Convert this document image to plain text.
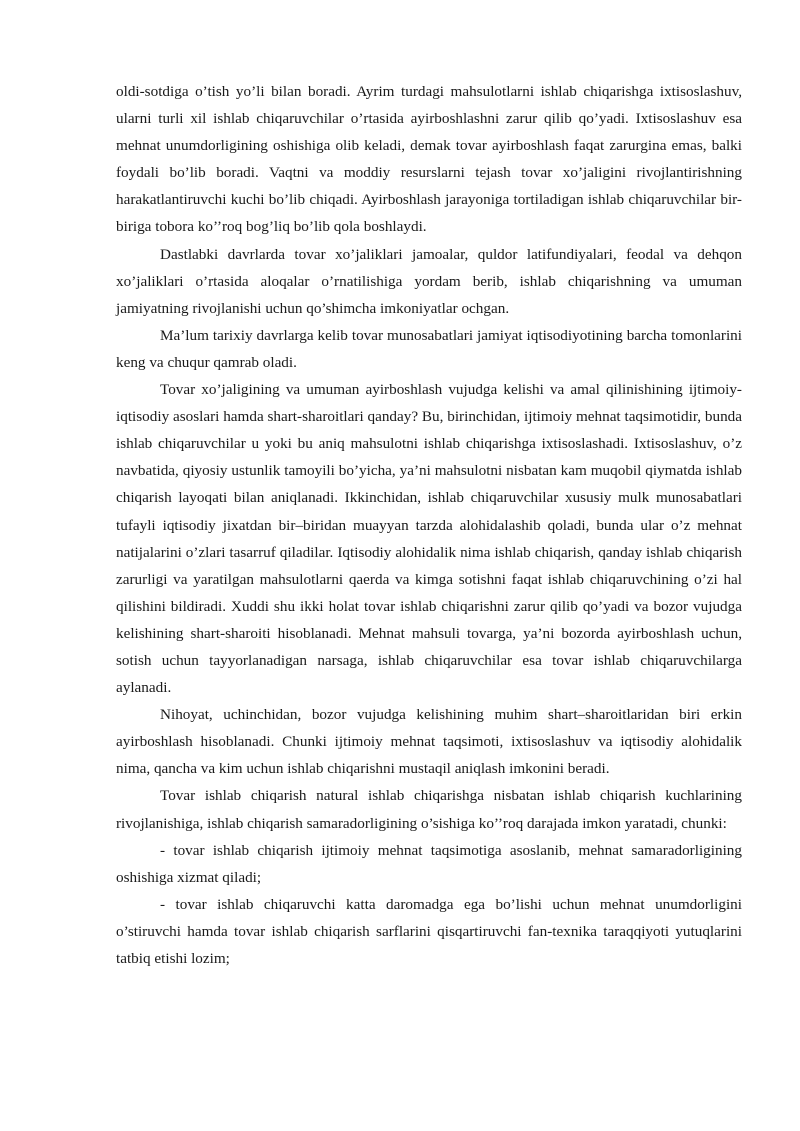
oldi-sotdiga o’tish yo’li bilan boradi. Ayrim turdagi mahsulotlarni ishlab chiqarishga ixtisoslashuv, ularni turli xil ishlab chiqaruvchilar o’rtasida ayirboshlashni zarur qilib qo’yadi. Ixtisoslashuv esa mehnat unumdorligining oshishiga olib keladi, demak tovar ayirboshlash faqat zarurgina emas, balki foydali bo’lib boradi. Vaqtni va moddiy resurslarni tejash tovar xo’jaligini rivojlantirishning harakatlantiruvchi kuchi bo’lib chiqadi. Ayirboshlash jarayoniga tortiladigan ishlab chiqaruvchilar bir-biriga tobora ko’’roq bog’liq bo’lib qola boshlaydi.

Dastlabki davrlarda tovar xo’jaliklari jamoalar, quldor latifundiyalari, feodal va dehqon xo’jaliklari o’rtasida aloqalar o’rnatilishiga yordam berib, ishlab chiqarishning va umuman jamiyatning rivojlanishi uchun qo’shimcha imkoniyatlar ochgan.

Ma’lum tarixiy davrlarga kelib tovar munosabatlari jamiyat iqtisodiyotining barcha tomonlarini keng va chuqur qamrab oladi.

Tovar xo’jaligining va umuman ayirboshlash vujudga kelishi va amal qilinishining ijtimoiy-iqtisodiy asoslari hamda shart-sharoitlari qanday? Bu, birinchidan, ijtimoiy mehnat taqsimotidir, bunda ishlab chiqaruvchilar u yoki bu aniq mahsulotni ishlab chiqarishga ixtisoslashadi. Ixtisoslashuv, o’z navbatida, qiyosiy ustunlik tamoyili bo’yicha, ya’ni mahsulotni nisbatan kam muqobil qiymatda ishlab chiqarish layoqati bilan aniqlanadi. Ikkinchidan, ishlab chiqaruvchilar xususiy mulk munosabatlari tufayli iqtisodiy jixatdan bir–biridan muayyan tarzda alohidalashib qoladi, bunda ular o’z mehnat natijalarini o’zlari tasarruf qiladilar. Iqtisodiy alohidalik nima ishlab chiqarish, qanday ishlab chiqarish zarurligi va yaratilgan mahsulotlarni qaerda va kimga sotishni faqat ishlab chiqaruvchining o’zi hal qilishini bildiradi. Xuddi shu ikki holat tovar ishlab chiqarishni zarur qilib qo’yadi va bozor vujudga kelishining shart-sharoiti hisoblanadi. Mehnat mahsuli tovarga, ya’ni bozorda ayirboshlash uchun, sotish uchun tayyorlanadigan narsaga, ishlab chiqaruvchilar esa tovar ishlab chiqaruvchilarga aylanadi.

Nihoyat, uchinchidan, bozor vujudga kelishining muhim shart–sharoitlaridan biri erkin ayirboshlash hisoblanadi. Chunki ijtimoiy mehnat taqsimoti, ixtisoslashuv va iqtisodiy alohidalik nima, qancha va kim uchun ishlab chiqarishni mustaqil aniqlash imkonini beradi.

Tovar ishlab chiqarish natural ishlab chiqarishga nisbatan ishlab chiqarish kuchlarining rivojlanishiga, ishlab chiqarish samaradorligining o’sishiga ko’’roq darajada imkon yaratadi, chunki:

- tovar ishlab chiqarish ijtimoiy mehnat taqsimotiga asoslanib, mehnat samaradorligining oshishiga xizmat qiladi;

- tovar ishlab chiqaruvchi katta daromadga ega bo’lishi uchun mehnat unumdorligini o’stiruvchi hamda tovar ishlab chiqarish sarflarini qisqartiruvchi fan-texnika taraqqiyoti yutuqlarini tatbiq etishi lozim;
